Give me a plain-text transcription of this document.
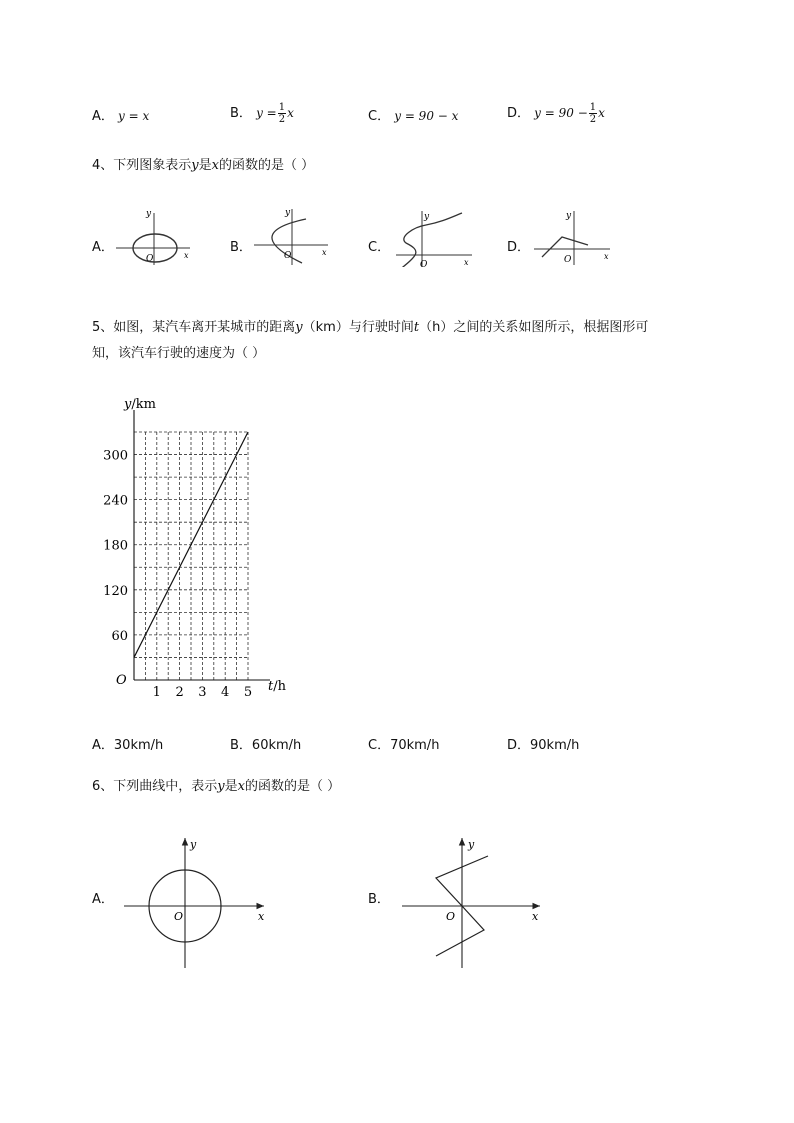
A． y = x	B． $y = \frac{1}{2}$ x	C． y = 90 − x	D． $y = 90 - \frac{1}{2}$ x
4、下列图象表示y是x的函数的是（ ）
A．	B．	C．	D．
y
x
O
y
x
O
y
x
O
y
x
O
5、如图，某汽车离开某城市的距离y（km）与行驶时间t（h）之间的关系如图所示，根据图形可
知，该汽车行驶的速度为（ ）
1 2 3 4 5
60
120
180
240
300
O
y/km
t/h
A．30km/h	B．60km/h	C．70km/h	D．90km/h
6、下列曲线中，表示y是x的函数的是（ ）
A．	B．
y
x
O
y
x
O
